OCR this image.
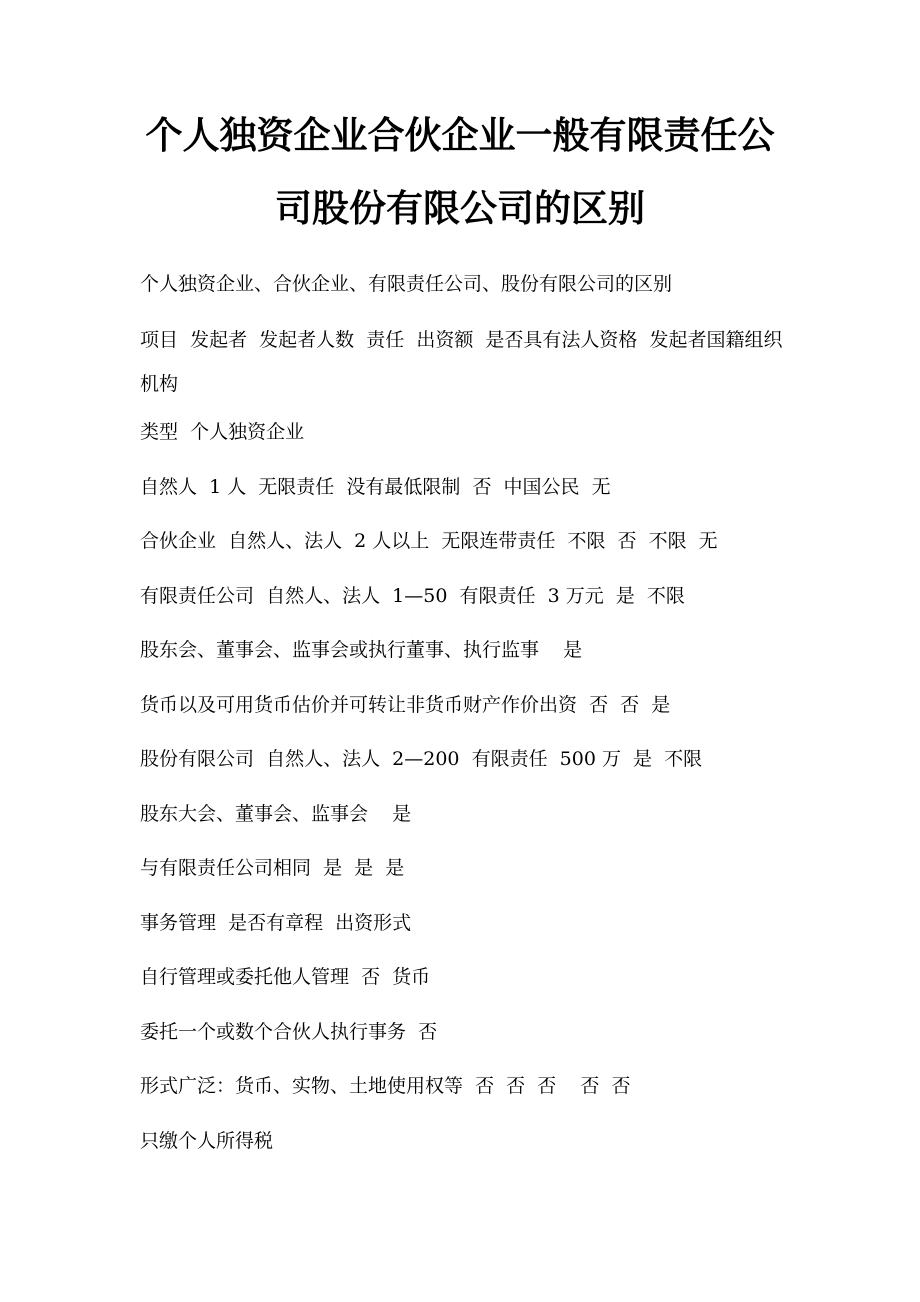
个人独资企业合伙企业一般有限责任公
司股份有限公司的区别
个人独资企业、合伙企业、有限责任公司、股份有限公司的区别
项目  发起者  发起者人数  责任  出资额  是否具有法人资格  发起者国籍组织机构
类型  个人独资企业
自然人  1 人  无限责任  没有最低限制  否  中国公民  无
合伙企业  自然人、法人  2 人以上  无限连带责任  不限  否  不限  无
有限责任公司  自然人、法人  1—50  有限责任  3 万元  是  不限
股东会、董事会、监事会或执行董事、执行监事    是
货币以及可用货币估价并可转让非货币财产作价出资  否  否  是
股份有限公司  自然人、法人  2—200  有限责任  500 万  是  不限
股东大会、董事会、监事会    是
与有限责任公司相同  是  是  是
事务管理  是否有章程  出资形式
自行管理或委托他人管理  否  货币
委托一个或数个合伙人执行事务  否
形式广泛：货币、实物、土地使用权等  否  否  否    否  否
只缴个人所得税
